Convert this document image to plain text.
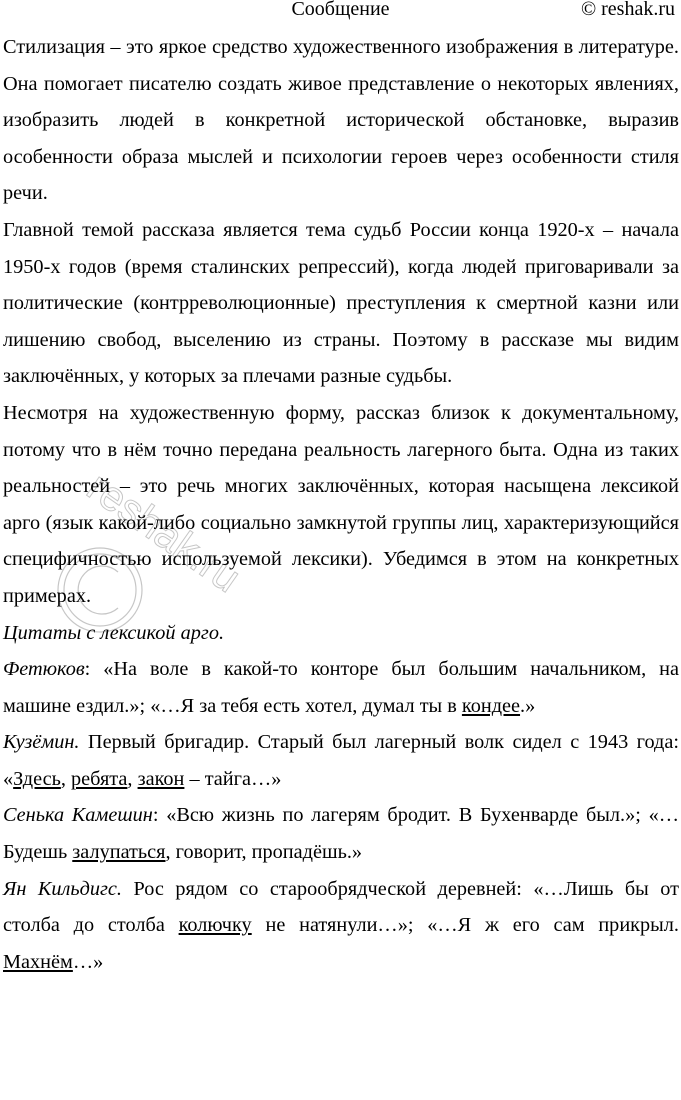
Сообщение	© reshak.ru
reshak.ru

Стилизация – это яркое средство художественного изображения в литературе. Она помогает писателю создать живое представление о некоторых явлениях, изобразить людей в конкретной исторической обстановке, выразив особенности образа мыслей и психологии героев через особенности стиля речи.

Главной темой рассказа является тема судьб России конца 1920-х – начала 1950-х годов (время сталинских репрессий), когда людей приговаривали за политические (контрреволюционные) преступления к смертной казни или лишению свобод, выселению из страны. Поэтому в рассказе мы видим заключённых, у которых за плечами разные судьбы.

Несмотря на художественную форму, рассказ близок к документальному, потому что в нём точно передана реальность лагерного быта. Одна из таких реальностей – это речь многих заключённых, которая насыщена лексикой арго (язык какой-либо социально замкнутой группы лиц, характеризующийся специфичностью используемой лексики). Убедимся в этом на конкретных примерах.

Цитаты с лексикой арго.

Фетюков: «На воле в какой-то конторе был большим начальником, на машине ездил.»; «…Я за тебя есть хотел, думал ты в кондее.»

Кузёмин. Первый бригадир. Старый был лагерный волк сидел с 1943 года: «Здесь, ребята, закон – тайга…»

Сенька Камешин: «Всю жизнь по лагерям бродит. В Бухенварде был.»; «…Будешь залупаться, говорит, пропадёшь.»

Ян Кильдигс. Рос рядом со старообрядческой деревней: «…Лишь бы от столба до столба колючку не натянули…»; «…Я ж его сам прикрыл. Махнём…»
